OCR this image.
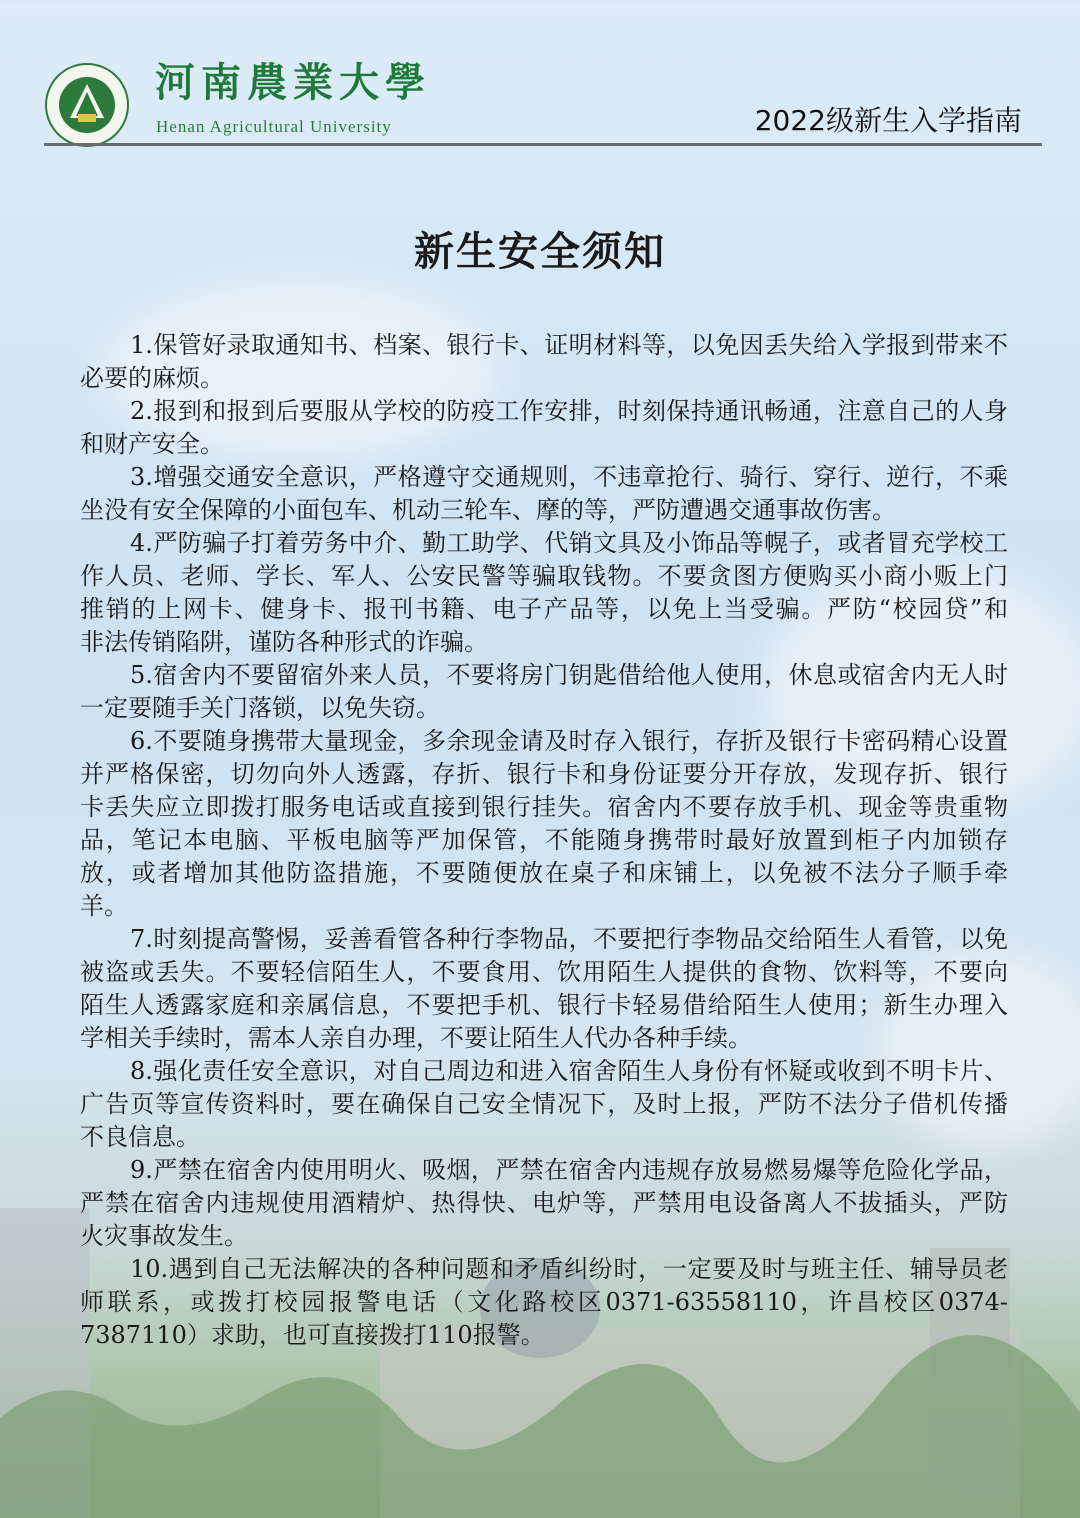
河南農業大學
Henan Agricultural University	2022级新生入学指南
新生安全须知
1.保管好录取通知书、档案、银行卡、证明材料等，以免因丢失给入学报到带来不
必要的麻烦。
2.报到和报到后要服从学校的防疫工作安排，时刻保持通讯畅通，注意自己的人身
和财产安全。
3.增强交通安全意识，严格遵守交通规则，不违章抢行、骑行、穿行、逆行，不乘
坐没有安全保障的小面包车、机动三轮车、摩的等，严防遭遇交通事故伤害。
4.严防骗子打着劳务中介、勤工助学、代销文具及小饰品等幌子，或者冒充学校工
作人员、老师、学长、军人、公安民警等骗取钱物。不要贪图方便购买小商小贩上门
推销的上网卡、健身卡、报刊书籍、电子产品等，以免上当受骗。严防“校园贷”和
非法传销陷阱，谨防各种形式的诈骗。
5.宿舍内不要留宿外来人员，不要将房门钥匙借给他人使用，休息或宿舍内无人时
一定要随手关门落锁，以免失窃。
6.不要随身携带大量现金，多余现金请及时存入银行，存折及银行卡密码精心设置
并严格保密，切勿向外人透露，存折、银行卡和身份证要分开存放，发现存折、银行
卡丢失应立即拨打服务电话或直接到银行挂失。宿舍内不要存放手机、现金等贵重物
品，笔记本电脑、平板电脑等严加保管，不能随身携带时最好放置到柜子内加锁存
放，或者增加其他防盗措施，不要随便放在桌子和床铺上，以免被不法分子顺手牵
羊。
7.时刻提高警惕，妥善看管各种行李物品，不要把行李物品交给陌生人看管，以免
被盗或丢失。不要轻信陌生人，不要食用、饮用陌生人提供的食物、饮料等，不要向
陌生人透露家庭和亲属信息，不要把手机、银行卡轻易借给陌生人使用；新生办理入
学相关手续时，需本人亲自办理，不要让陌生人代办各种手续。
8.强化责任安全意识，对自己周边和进入宿舍陌生人身份有怀疑或收到不明卡片、
广告页等宣传资料时，要在确保自己安全情况下，及时上报，严防不法分子借机传播
不良信息。
9.严禁在宿舍内使用明火、吸烟，严禁在宿舍内违规存放易燃易爆等危险化学品，
严禁在宿舍内违规使用酒精炉、热得快、电炉等，严禁用电设备离人不拔插头，严防
火灾事故发生。
10.遇到自己无法解决的各种问题和矛盾纠纷时，一定要及时与班主任、辅导员老
师联系，或拨打校园报警电话（文化路校区0371-63558110，许昌校区0374-
7387110）求助，也可直接拨打110报警。
